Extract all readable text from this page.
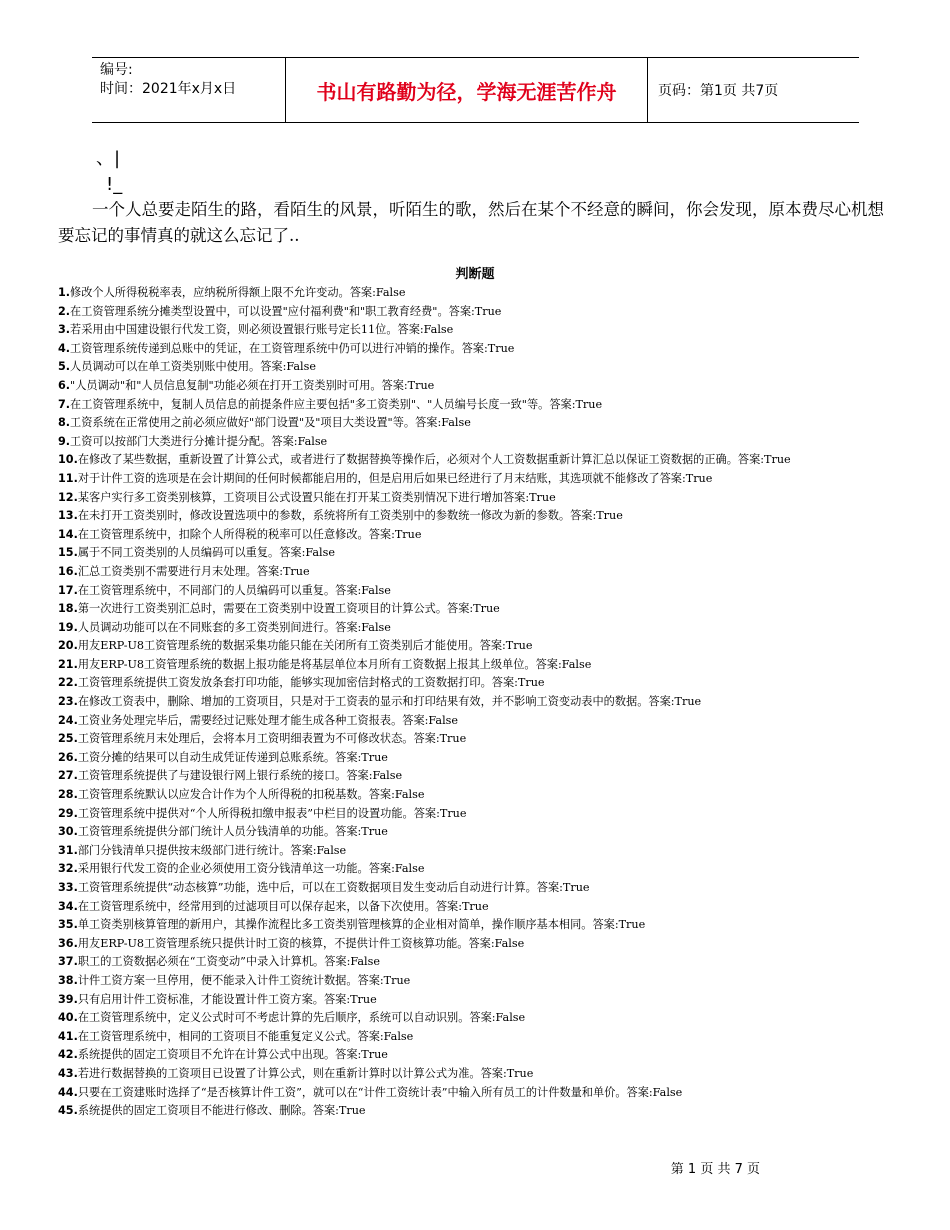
编号:
时间：2021年x月x日	书山有路勤为径，学海无涯苦作舟	页码：第1页 共7页
、|
!_

一个人总要走陌生的路，看陌生的风景，听陌生的歌，然后在某个不经意的瞬间，你会发现，原本费尽心机想要忘记的事情真的就这么忘记了..

判断题
1.修改个人所得税税率表，应纳税所得额上限不允许变动。答案:False
2.在工资管理系统分摊类型设置中，可以设置"应付福利费"和"职工教育经费"。答案:True
3.若采用由中国建设银行代发工资，则必须设置银行账号定长11位。答案:False
4.工资管理系统传递到总账中的凭证，在工资管理系统中仍可以进行冲销的操作。答案:True
5.人员调动可以在单工资类别账中使用。答案:False
6."人员调动"和"人员信息复制"功能必须在打开工资类别时可用。答案:True
7.在工资管理系统中，复制人员信息的前提条件应主要包括"多工资类别"、"人员编号长度一致"等。答案:True
8.工资系统在正常使用之前必须应做好"部门设置"及"项目大类设置"等。答案:False
9.工资可以按部门大类进行分摊计提分配。答案:False
10.在修改了某些数据，重新设置了计算公式，或者进行了数据替换等操作后，必须对个人工资数据重新计算汇总以保证工资数据的正确。答案:True
11.对于计件工资的选项是在会计期间的任何时候都能启用的，但是启用后如果已经进行了月末结账，其选项就不能修改了答案:True
12.某客户实行多工资类别核算，工资项目公式设置只能在打开某工资类别情况下进行增加答案:True
13.在未打开工资类别时，修改设置选项中的参数，系统将所有工资类别中的参数统一修改为新的参数。答案:True
14.在工资管理系统中，扣除个人所得税的税率可以任意修改。答案:True
15.属于不同工资类别的人员编码可以重复。答案:False
16.汇总工资类别不需要进行月末处理。答案:True
17.在工资管理系统中，不同部门的人员编码可以重复。答案:False
18.第一次进行工资类别汇总时，需要在工资类别中设置工资项目的计算公式。答案:True
19.人员调动功能可以在不同账套的多工资类别间进行。答案:False
20.用友ERP-U8工资管理系统的数据采集功能只能在关闭所有工资类别后才能使用。答案:True
21.用友ERP-U8工资管理系统的数据上报功能是将基层单位本月所有工资数据上报其上级单位。答案:False
22.工资管理系统提供工资发放条套打印功能，能够实现加密信封格式的工资数据打印。答案:True
23.在修改工资表中，删除、增加的工资项目，只是对于工资表的显示和打印结果有效，并不影响工资变动表中的数据。答案:True
24.工资业务处理完毕后，需要经过记账处理才能生成各种工资报表。答案:False
25.工资管理系统月末处理后，会将本月工资明细表置为不可修改状态。答案:True
26.工资分摊的结果可以自动生成凭证传递到总账系统。答案:True
27.工资管理系统提供了与建设银行网上银行系统的接口。答案:False
28.工资管理系统默认以应发合计作为个人所得税的扣税基数。答案:False
29.工资管理系统中提供对“个人所得税扣缴申报表”中栏目的设置功能。答案:True
30.工资管理系统提供分部门统计人员分钱清单的功能。答案:True
31.部门分钱清单只提供按末级部门进行统计。答案:False
32.采用银行代发工资的企业必须使用工资分钱清单这一功能。答案:False
33.工资管理系统提供“动态核算”功能，选中后，可以在工资数据项目发生变动后自动进行计算。答案:True
34.在工资管理系统中，经常用到的过滤项目可以保存起来，以备下次使用。答案:True
35.单工资类别核算管理的新用户，其操作流程比多工资类别管理核算的企业相对简单，操作顺序基本相同。答案:True
36.用友ERP-U8工资管理系统只提供计时工资的核算，不提供计件工资核算功能。答案:False
37.职工的工资数据必须在“工资变动”中录入计算机。答案:False
38.计件工资方案一旦停用，便不能录入计件工资统计数据。答案:True
39.只有启用计件工资标准，才能设置计件工资方案。答案:True
40.在工资管理系统中，定义公式时可不考虑计算的先后顺序，系统可以自动识别。答案:False
41.在工资管理系统中，相同的工资项目不能重复定义公式。答案:False
42.系统提供的固定工资项目不允许在计算公式中出现。答案:True
43.若进行数据替换的工资项目已设置了计算公式，则在重新计算时以计算公式为准。答案:True
44.只要在工资建账时选择了“是否核算计件工资”，就可以在“计件工资统计表”中输入所有员工的计件数量和单价。答案:False
45.系统提供的固定工资项目不能进行修改、删除。答案:True
第 1 页 共 7 页
